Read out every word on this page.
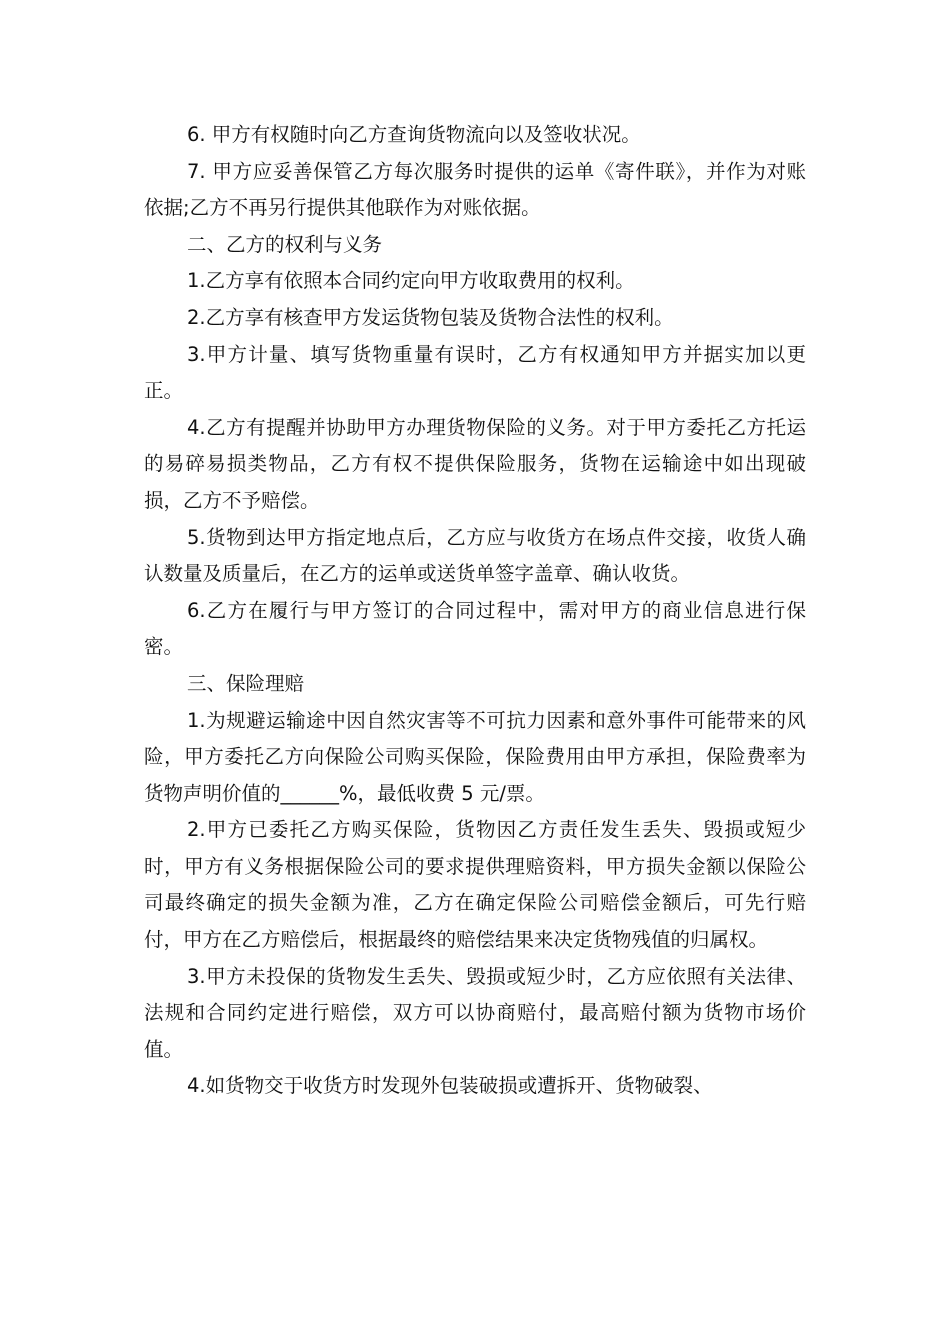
6. 甲方有权随时向乙方查询货物流向以及签收状况。

7. 甲方应妥善保管乙方每次服务时提供的运单《寄件联》，并作为对账依据;乙方不再另行提供其他联作为对账依据。

二、乙方的权利与义务

1.乙方享有依照本合同约定向甲方收取费用的权利。

2.乙方享有核查甲方发运货物包装及货物合法性的权利。

3.甲方计量、填写货物重量有误时，乙方有权通知甲方并据实加以更正。

4.乙方有提醒并协助甲方办理货物保险的义务。对于甲方委托乙方托运的易碎易损类物品，乙方有权不提供保险服务，货物在运输途中如出现破损，乙方不予赔偿。

5.货物到达甲方指定地点后，乙方应与收货方在场点件交接，收货人确认数量及质量后，在乙方的运单或送货单签字盖章、确认收货。

6.乙方在履行与甲方签订的合同过程中，需对甲方的商业信息进行保密。

三、保险理赔

1.为规避运输途中因自然灾害等不可抗力因素和意外事件可能带来的风险，甲方委托乙方向保险公司购买保险，保险费用由甲方承担，保险费率为货物声明价值的______%，最低收费 5 元/票。

2.甲方已委托乙方购买保险，货物因乙方责任发生丢失、毁损或短少时，甲方有义务根据保险公司的要求提供理赔资料，甲方损失金额以保险公司最终确定的损失金额为准，乙方在确定保险公司赔偿金额后，可先行赔付，甲方在乙方赔偿后，根据最终的赔偿结果来决定货物残值的归属权。

3.甲方未投保的货物发生丢失、毁损或短少时，乙方应依照有关法律、法规和合同约定进行赔偿，双方可以协商赔付，最高赔付额为货物市场价值。

4.如货物交于收货方时发现外包装破损或遭拆开、货物破裂、
